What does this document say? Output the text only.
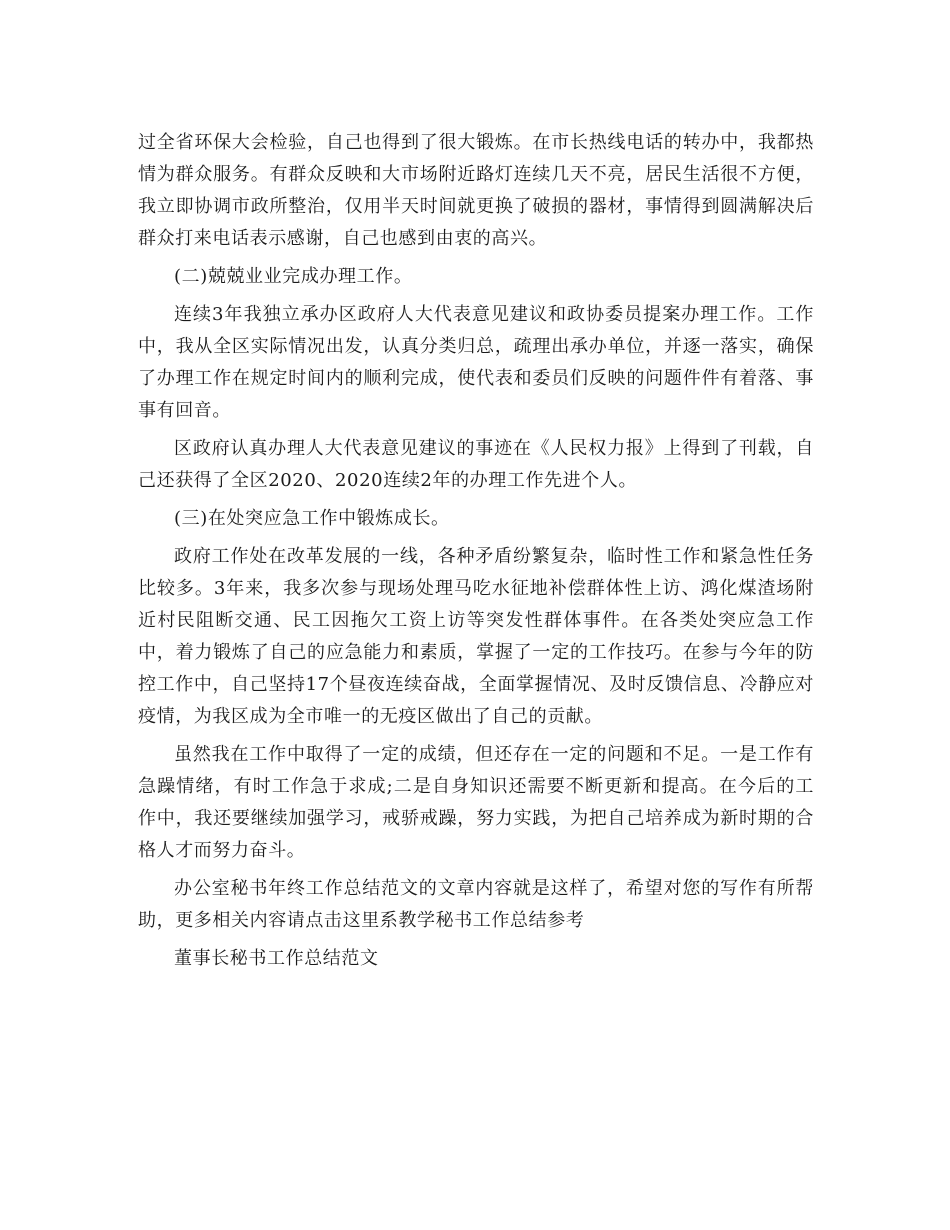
过全省环保大会检验，自己也得到了很大锻炼。在市长热线电话的转办中，我都热情为群众服务。有群众反映和大市场附近路灯连续几天不亮，居民生活很不方便，我立即协调市政所整治，仅用半天时间就更换了破损的器材，事情得到圆满解决后群众打来电话表示感谢，自己也感到由衷的高兴。

(二)兢兢业业完成办理工作。

连续3年我独立承办区政府人大代表意见建议和政协委员提案办理工作。工作中，我从全区实际情况出发，认真分类归总，疏理出承办单位，并逐一落实，确保了办理工作在规定时间内的顺利完成，使代表和委员们反映的问题件件有着落、事事有回音。

区政府认真办理人大代表意见建议的事迹在《人民权力报》上得到了刊载，自己还获得了全区2020、2020连续2年的办理工作先进个人。

(三)在处突应急工作中锻炼成长。

政府工作处在改革发展的一线，各种矛盾纷繁复杂，临时性工作和紧急性任务比较多。3年来，我多次参与现场处理马吃水征地补偿群体性上访、鸿化煤渣场附近村民阻断交通、民工因拖欠工资上访等突发性群体事件。在各类处突应急工作中，着力锻炼了自己的应急能力和素质，掌握了一定的工作技巧。在参与今年的防控工作中，自己坚持17个昼夜连续奋战，全面掌握情况、及时反馈信息、冷静应对疫情，为我区成为全市唯一的无疫区做出了自己的贡献。

虽然我在工作中取得了一定的成绩，但还存在一定的问题和不足。一是工作有急躁情绪，有时工作急于求成;二是自身知识还需要不断更新和提高。在今后的工作中，我还要继续加强学习，戒骄戒躁，努力实践，为把自己培养成为新时期的合格人才而努力奋斗。

办公室秘书年终工作总结范文的文章内容就是这样了，希望对您的写作有所帮助，更多相关内容请点击这里系教学秘书工作总结参考

董事长秘书工作总结范文
